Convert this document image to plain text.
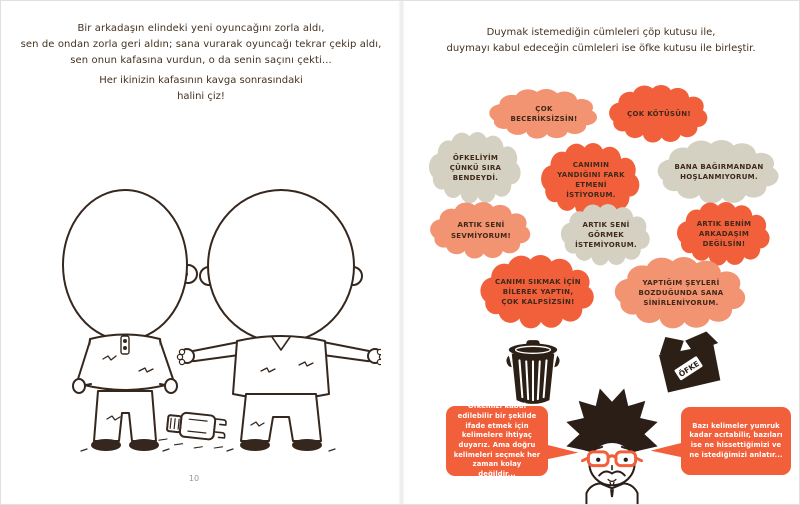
Bir arkadaşın elindeki yeni oyuncağını zorla aldı,
sen de ondan zorla geri aldın; sana vurarak oyuncağı tekrar çekip aldı,
sen onun kafasına vurdun, o da senin saçını çekti...
Her ikinizin kafasının kavga sonrasındaki
halini çiz!
10
Duymak istemediğin cümleleri çöp kutusu ile,
duymayı kabul edeceğin cümleleri ise öfke kutusu ile birleştir.
ÇOK BECERİKSİZSİN!
ÇOK KÖTÜSÜN!
ÖFKELİYİM ÇÜNKÜ SIRA BENDEYDİ.
CANIMIN YANDIĞINI FARK ETMENİ İSTİYORUM.
BANA BAĞIRMANDAN HOŞLANMIYORUM.
ARTIK SENİ SEVMİYORUM!
ARTIK SENİ GÖRMEK İSTEMİYORUM.
ARTIK BENİM ARKADAŞIM DEĞİLSİN!
CANIMI SIKMAK İÇİN BİLEREK YAPTIN, ÇOK KALPSİZSİN!
YAPTIĞIM ŞEYLERİ BOZDUĞUNDA SANA SİNİRLENİYORUM.
ÖFKE
Öfkemizi kabul edilebilir bir şekilde ifade etmek için kelimelere ihtiyaç duyarız. Ama doğru kelimeleri seçmek her zaman kolay değildir...
Bazı kelimeler yumruk kadar acıtabilir, bazıları ise ne hissettiğimizi ve ne istediğimizi anlatır...
